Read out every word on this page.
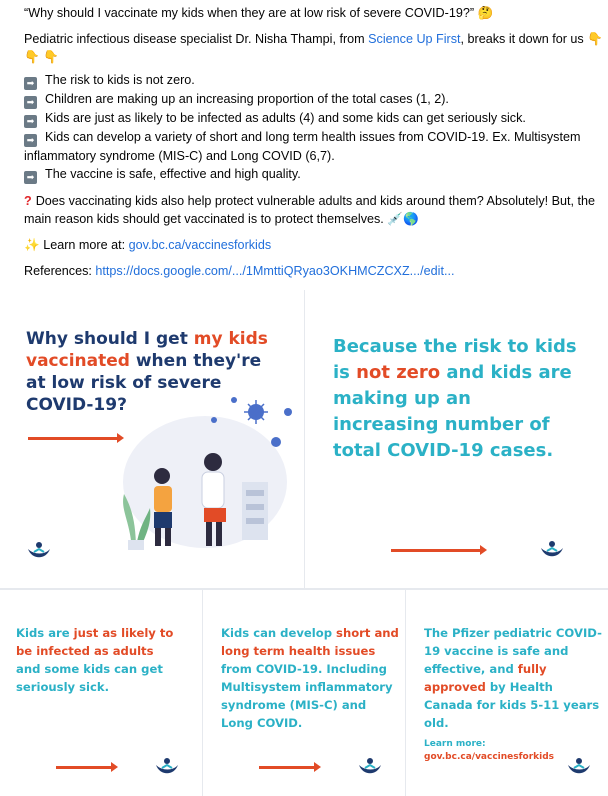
“Why should I vaccinate my kids when they are at low risk of severe COVID-19?” 🤔

Pediatric infectious disease specialist Dr. Nisha Thampi, from Science Up First, breaks it down for us 👇 👇 👇

➡ The risk to kids is not zero.
➡ Children are making up an increasing proportion of the total cases (1, 2).
➡ Kids are just as likely to be infected as adults (4) and some kids can get seriously sick.
➡ Kids can develop a variety of short and long term health issues from COVID-19. Ex. Multisystem inflammatory syndrome (MIS-C) and Long COVID (6,7).
➡ The vaccine is safe, effective and high quality.

? Does vaccinating kids also help protect vulnerable adults and kids around them? Absolutely! But, the main reason kids should get vaccinated is to protect themselves. 💉🌎

✨ Learn more at: gov.bc.ca/vaccinesforkids

References: https://docs.google.com/.../1MmttiQRyao3OKHMCZCXZ.../edit...

Why should I get my kids
vaccinated when they're
at low risk of severe
COVID-19?
Because the risk to kids
is not zero and kids are
making up an
increasing number of
total COVID-19 cases.
Kids are just as likely to
be infected as adults
and some kids can get seriously sick.
Kids can develop short and long term health issues from COVID-19. Including Multisystem inflammatory syndrome (MIS-C) and Long COVID.
The Pfizer pediatric COVID-19 vaccine is safe and effective, and fully approved by Health Canada for kids 5-11 years old.
Learn more:
gov.bc.ca/vaccinesforkids
